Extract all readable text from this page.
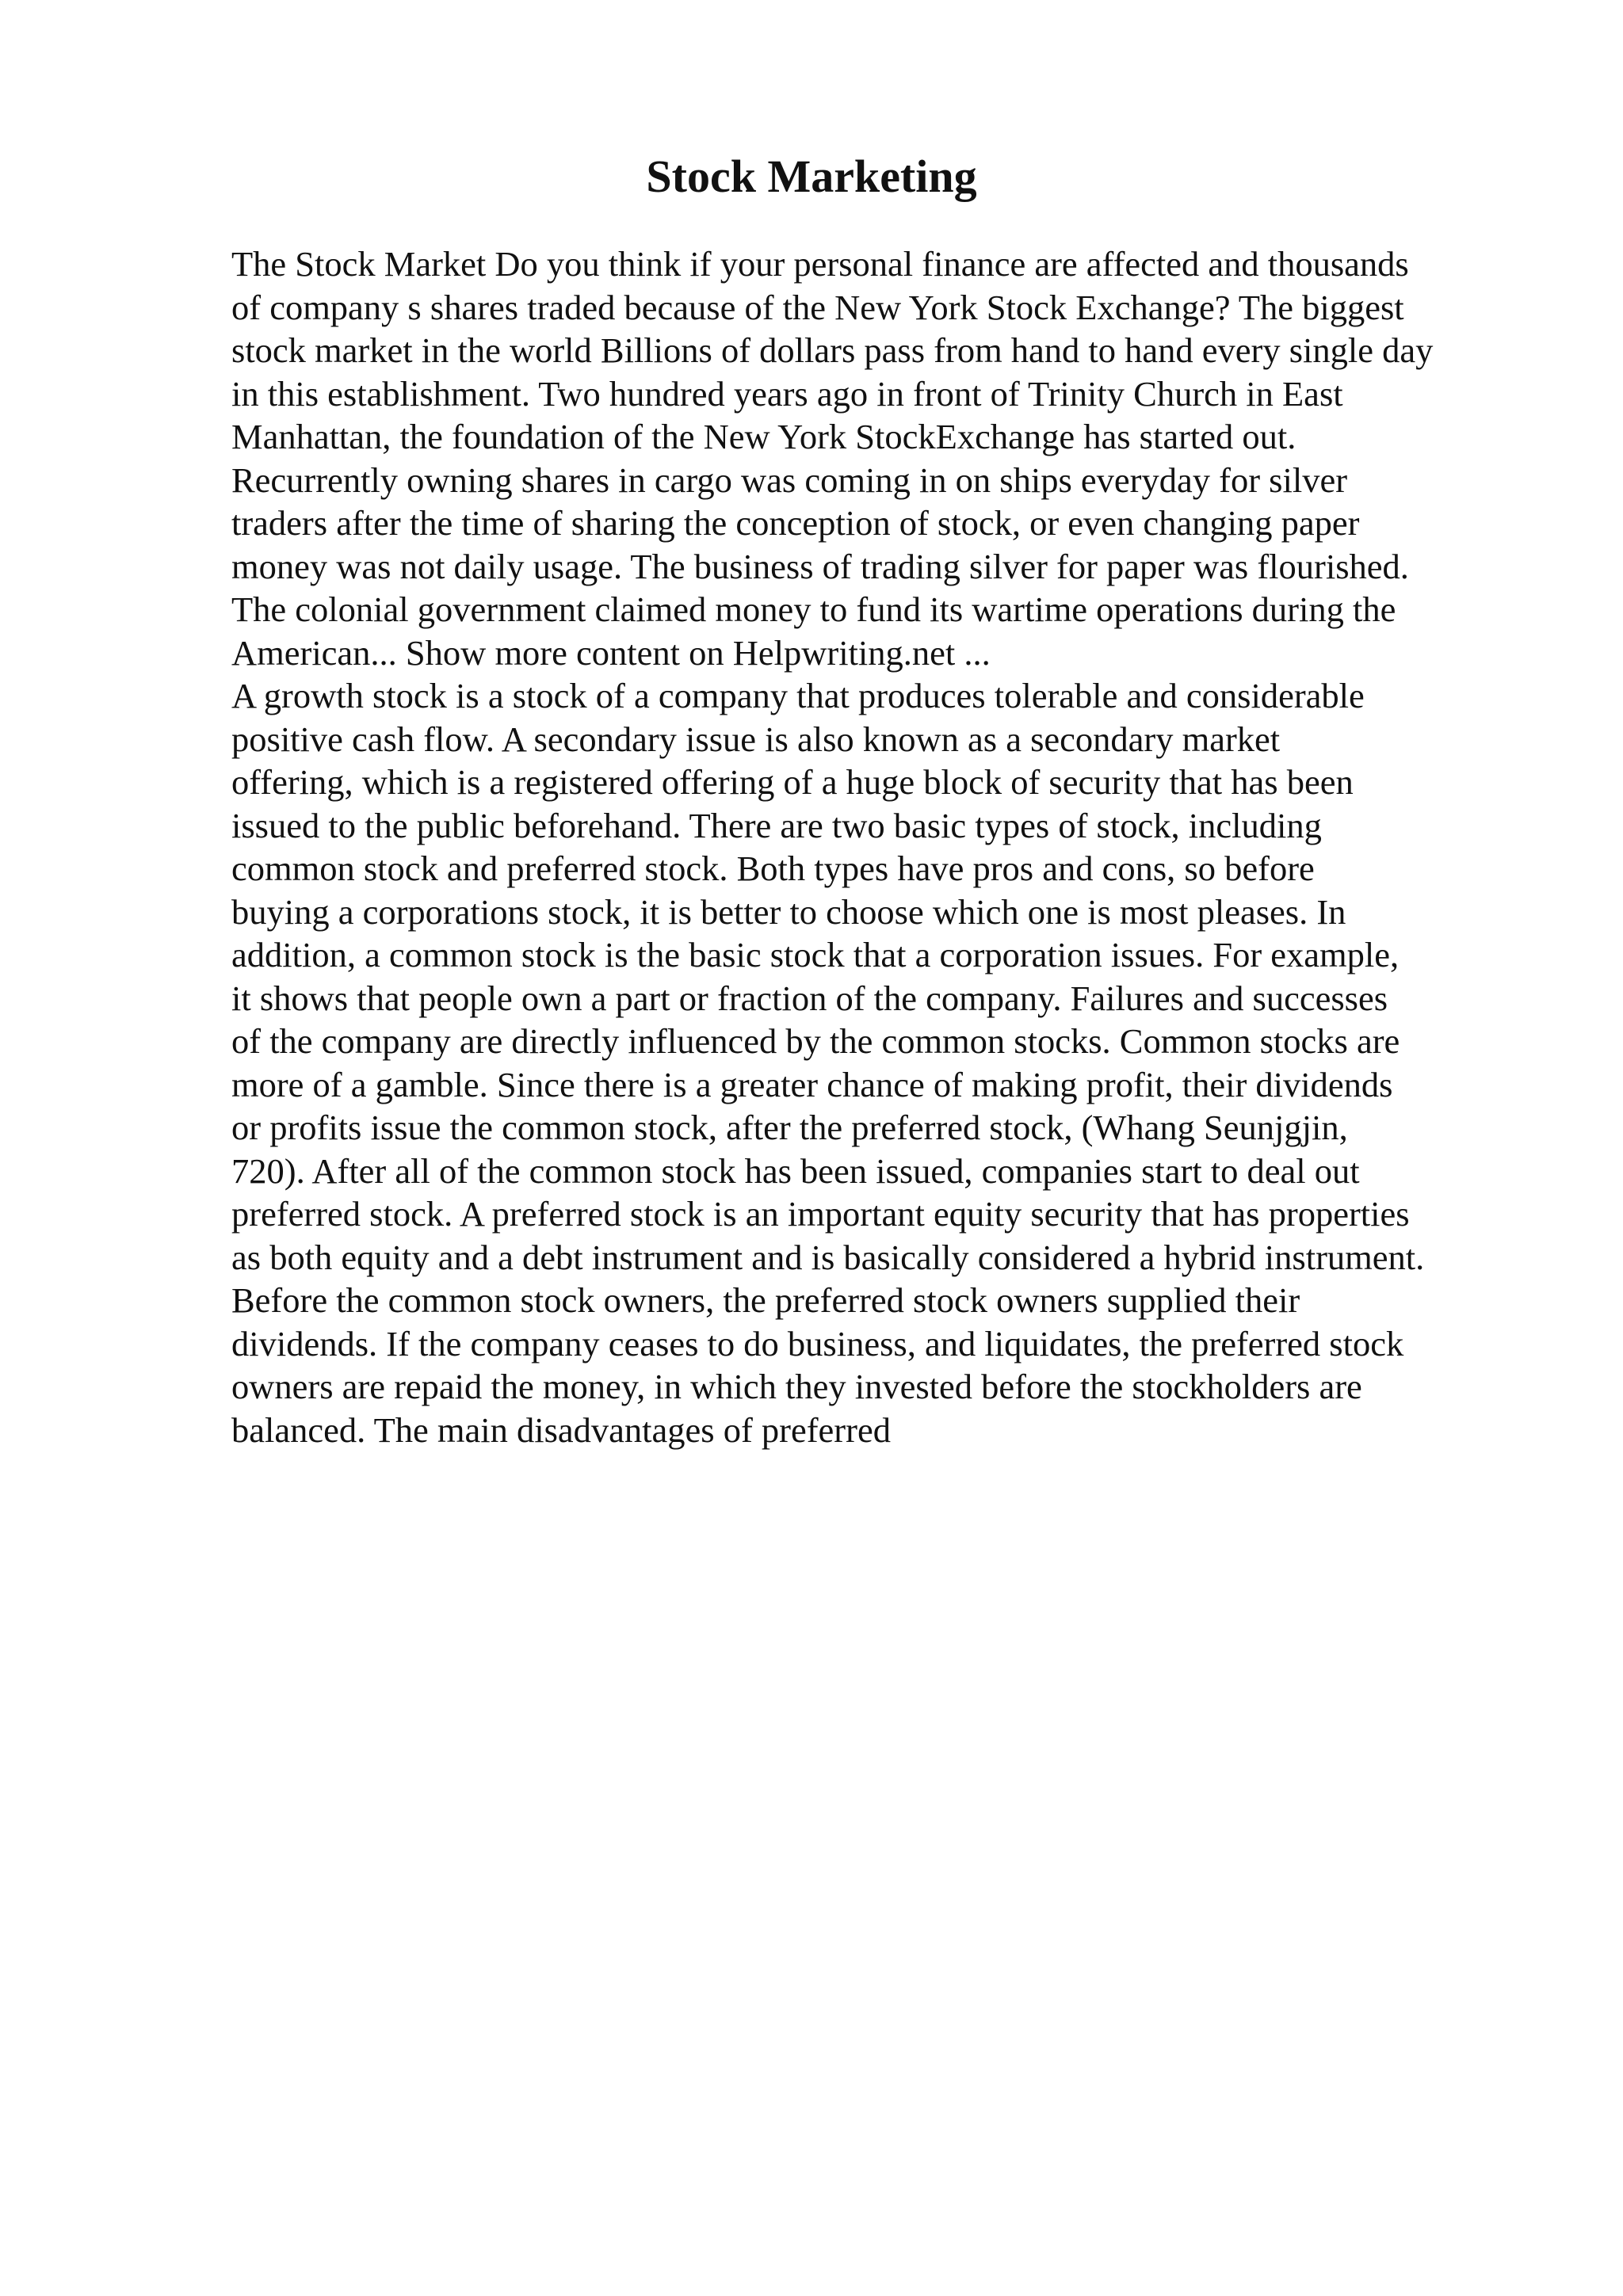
Stock Marketing
The Stock Market Do you think if your personal finance are affected and thousands
of company s shares traded because of the New York Stock Exchange? The biggest
stock market in the world Billions of dollars pass from hand to hand every single day
in this establishment. Two hundred years ago in front of Trinity Church in East
Manhattan, the foundation of the New York StockExchange has started out.
Recurrently owning shares in cargo was coming in on ships everyday for silver
traders after the time of sharing the conception of stock, or even changing paper
money was not daily usage. The business of trading silver for paper was flourished.
The colonial government claimed money to fund its wartime operations during the
American... Show more content on Helpwriting.net ...
A growth stock is a stock of a company that produces tolerable and considerable
positive cash flow. A secondary issue is also known as a secondary market
offering, which is a registered offering of a huge block of security that has been
issued to the public beforehand. There are two basic types of stock, including
common stock and preferred stock. Both types have pros and cons, so before
buying a corporations stock, it is better to choose which one is most pleases. In
addition, a common stock is the basic stock that a corporation issues. For example,
it shows that people own a part or fraction of the company. Failures and successes
of the company are directly influenced by the common stocks. Common stocks are
more of a gamble. Since there is a greater chance of making profit, their dividends
or profits issue the common stock, after the preferred stock, (Whang Seunjgjin,
720). After all of the common stock has been issued, companies start to deal out
preferred stock. A preferred stock is an important equity security that has properties
as both equity and a debt instrument and is basically considered a hybrid instrument.
Before the common stock owners, the preferred stock owners supplied their
dividends. If the company ceases to do business, and liquidates, the preferred stock
owners are repaid the money, in which they invested before the stockholders are
balanced. The main disadvantages of preferred
